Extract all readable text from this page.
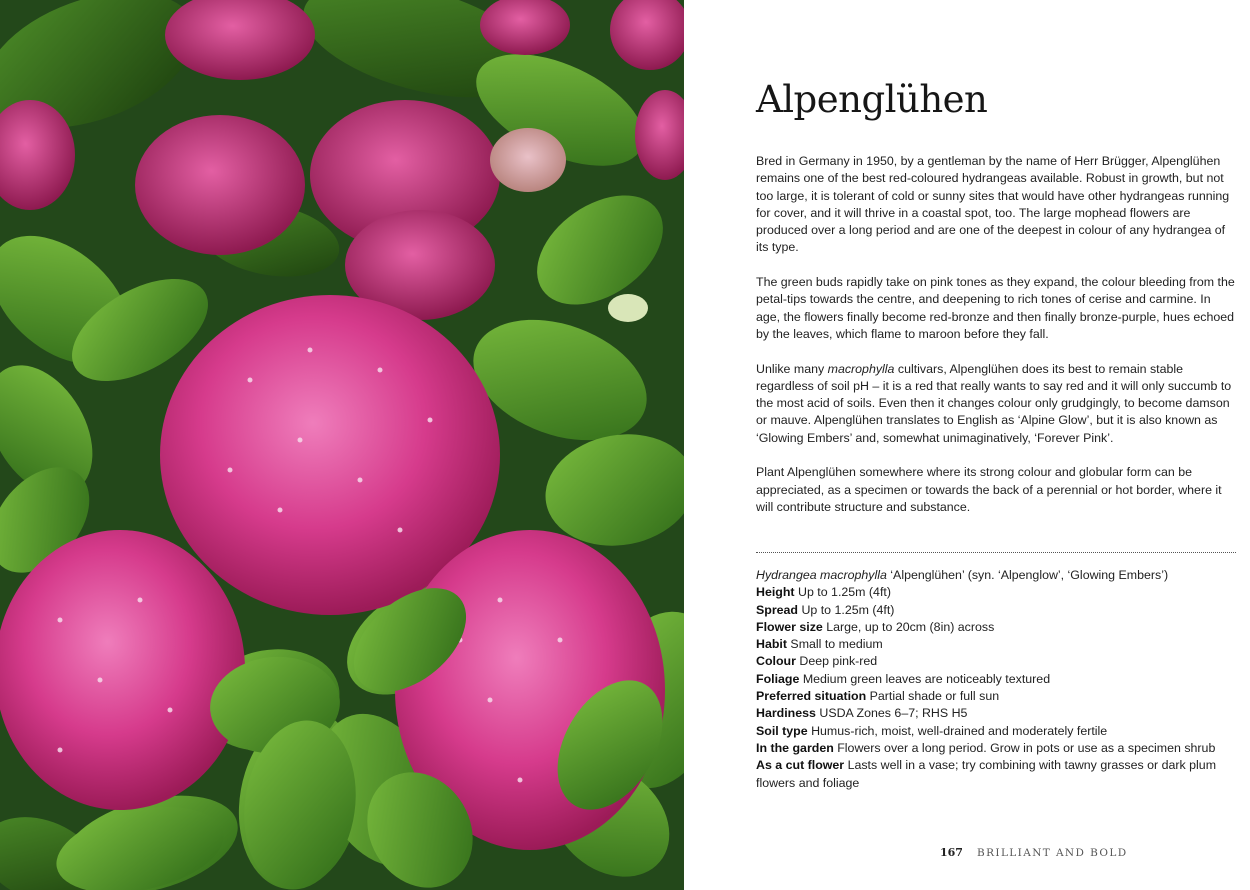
Alpenglühen

Bred in Germany in 1950, by a gentleman by the name of Herr Brügger, Alpenglühen remains one of the best red-coloured hydrangeas available. Robust in growth, but not too large, it is tolerant of cold or sunny sites that would have other hydrangeas running for cover, and it will thrive in a coastal spot, too. The large mophead flowers are produced over a long period and are one of the deepest in colour of any hydrangea of its type.

The green buds rapidly take on pink tones as they expand, the colour bleeding from the petal-tips towards the centre, and deepening to rich tones of cerise and carmine. In age, the flowers finally become red-bronze and then finally bronze-purple, hues echoed by the leaves, which flame to maroon before they fall.

Unlike many macrophylla cultivars, Alpenglühen does its best to remain stable regardless of soil pH – it is a red that really wants to say red and it will only succumb to the most acid of soils. Even then it changes colour only grudgingly, to become damson or mauve. Alpenglühen translates to English as ‘Alpine Glow’, but it is also known as ‘Glowing Embers’ and, somewhat unimaginatively, ‘Forever Pink’.

Plant Alpenglühen somewhere where its strong colour and globular form can be appreciated, as a specimen or towards the back of a perennial or hot border, where it will contribute structure and substance.

Hydrangea macrophylla ‘Alpenglühen’ (syn. ‘Alpenglow’, ‘Glowing Embers’)
Height Up to 1.25m (4ft)
Spread Up to 1.25m (4ft)
Flower size Large, up to 20cm (8in) across
Habit Small to medium
Colour Deep pink-red
Foliage Medium green leaves are noticeably textured
Preferred situation Partial shade or full sun
Hardiness USDA Zones 6–7; RHS H5
Soil type Humus-rich, moist, well-drained and moderately fertile
In the garden Flowers over a long period. Grow in pots or use as a specimen shrub
As a cut flower Lasts well in a vase; try combining with tawny grasses or dark plum flowers and foliage
167 BRILLIANT AND BOLD
